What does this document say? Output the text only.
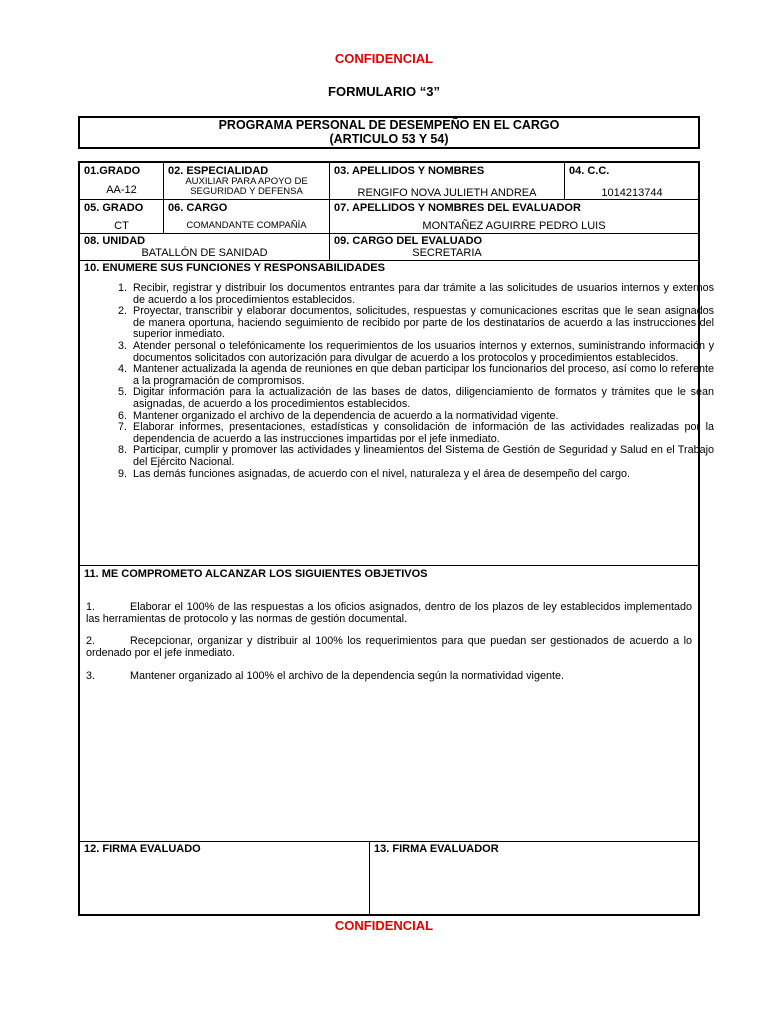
CONFIDENCIAL
FORMULARIO “3”
PROGRAMA PERSONAL DE DESEMPEÑO EN EL CARGO
(ARTICULO 53 Y 54)
01.GRADO
AA-12
02. ESPECIALIDAD
AUXILIAR PARA APOYO DE
SEGURIDAD Y DEFENSA
03. APELLIDOS Y NOMBRES
RENGIFO NOVA JULIETH ANDREA
04. C.C.
1014213744
05. GRADO
CT
06. CARGO
COMANDANTE COMPAÑÍA
07. APELLIDOS Y NOMBRES DEL EVALUADOR
MONTAÑEZ AGUIRRE PEDRO LUIS
08. UNIDAD
BATALLÓN DE SANIDAD
09. CARGO DEL EVALUADO
SECRETARIA
10. ENUMERE SUS FUNCIONES Y RESPONSABILIDADES
1. Recibir, registrar y distribuir los documentos entrantes para dar trámite a las solicitudes de usuarios internos y externos de acuerdo a los procedimientos establecidos.
2. Proyectar, transcribir y elaborar documentos, solicitudes, respuestas y comunicaciones escritas que le sean asignados de manera oportuna, haciendo seguimiento de recibido por parte de los destinatarios de acuerdo a las instrucciones del superior inmediato.
3. Atender personal o telefónicamente los requerimientos de los usuarios internos y externos, suministrando información y documentos solicitados con autorización para divulgar de acuerdo a los protocolos y procedimientos establecidos.
4. Mantener actualizada la agenda de reuniones en que deban participar los funcionarios del proceso, así como lo referente a la programación de compromisos.
5. Digitar información para la actualización de las bases de datos, diligenciamiento de formatos y trámites que le sean asignadas, de acuerdo a los procedimientos establecidos.
6. Mantener organizado el archivo de la dependencia de acuerdo a la normatividad vigente.
7. Elaborar informes, presentaciones, estadísticas y consolidación de información de las actividades realizadas por la dependencia de acuerdo a las instrucciones impartidas por el jefe inmediato.
8. Participar, cumplir y promover las actividades y lineamientos del Sistema de Gestión de Seguridad y Salud en el Trabajo del Ejército Nacional.
9. Las demás funciones asignadas, de acuerdo con el nivel, naturaleza y el área de desempeño del cargo.
11. ME COMPROMETO ALCANZAR LOS SIGUIENTES OBJETIVOS
1.	Elaborar el 100% de las respuestas a los oficios asignados, dentro de los plazos de ley establecidos implementado las herramientas de protocolo y las normas de gestión documental.
2.	Recepcionar, organizar y distribuir al 100% los requerimientos para que puedan ser gestionados de acuerdo a lo ordenado por el jefe inmediato.
3.	Mantener organizado al 100% el archivo de la dependencia según la normatividad vigente.
12. FIRMA EVALUADO	13. FIRMA EVALUADOR
CONFIDENCIAL
